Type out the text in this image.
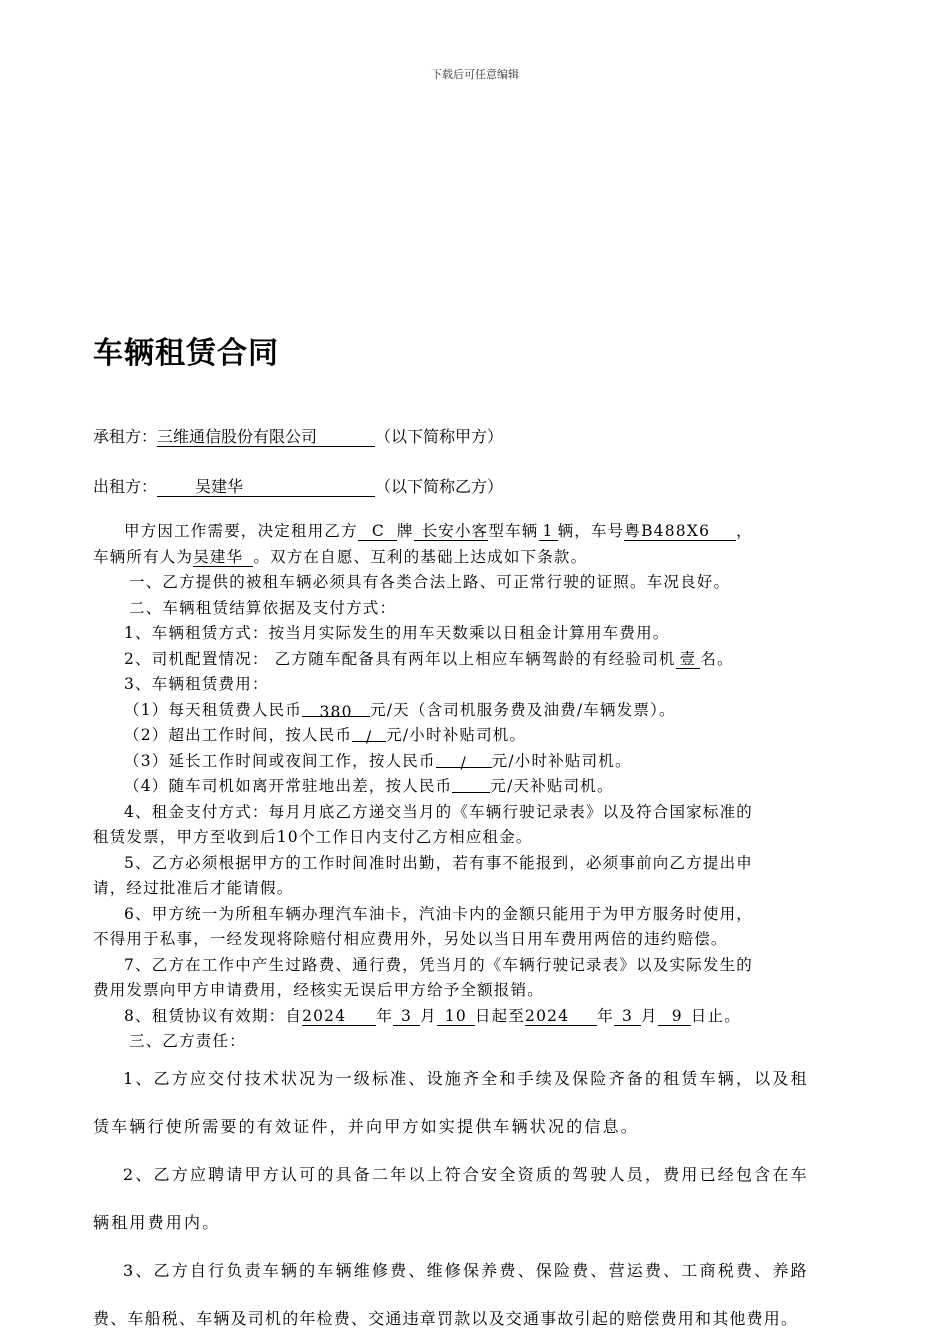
下载后可任意编辑
车辆租赁合同
承租方：三维通信股份有限公司	（以下简称甲方）
出租方： 吴建华	（以下简称乙方）
甲方因工作需要，决定租用乙方 C 牌 长安小客型车辆 1 辆，车号粤B488X6 ，
车辆所有人为吴建华 。双方在自愿、互利的基础上达成如下条款。
一、乙方提供的被租车辆必须具有各类合法上路、可正常行驶的证照。车况良好。
二、车辆租赁结算依据及支付方式：
1、车辆租赁方式：按当月实际发生的用车天数乘以日租金计算用车费用。
2、司机配置情况： 乙方随车配备具有两年以上相应车辆驾龄的有经验司机 壹 名。
3、车辆租赁费用：
（1）每天租赁费人民币 380 元/天（含司机服务费及油费/车辆发票）。
（2）超出工作时间，按人民币 / 元/小时补贴司机。
（3）延长工作时间或夜间工作，按人民币 / 元/小时补贴司机。
（4）随车司机如离开常驻地出差，按人民币 元/天补贴司机。
4、租金支付方式：每月月底乙方递交当月的《车辆行驶记录表》以及符合国家标准的
租赁发票，甲方至收到后10个工作日内支付乙方相应租金。
5、乙方必须根据甲方的工作时间准时出勤，若有事不能报到，必须事前向乙方提出申
请，经过批准后才能请假。
6、甲方统一为所租车辆办理汽车油卡，汽油卡内的金额只能用于为甲方服务时使用，
不得用于私事，一经发现将除赔付相应费用外，另处以当日用车费用两倍的违约赔偿。
7、乙方在工作中产生过路费、通行费，凭当月的《车辆行驶记录表》以及实际发生的
费用发票向甲方申请费用，经核实无误后甲方给予全额报销。
8、租赁协议有效期：自2024 年 3 月 10 日起至2024 年 3 月 9 日止。
三、乙方责任：
1、乙方应交付技术状况为一级标准、设施齐全和手续及保险齐备的租赁车辆，以及租
赁车辆行使所需要的有效证件，并向甲方如实提供车辆状况的信息。
2、乙方应聘请甲方认可的具备二年以上符合安全资质的驾驶人员，费用已经包含在车
辆租用费用内。
3、乙方自行负责车辆的车辆维修费、维修保养费、保险费、营运费、工商税费、养路
费、车船税、车辆及司机的年检费、交通违章罚款以及交通事故引起的赔偿费用和其他费用。
